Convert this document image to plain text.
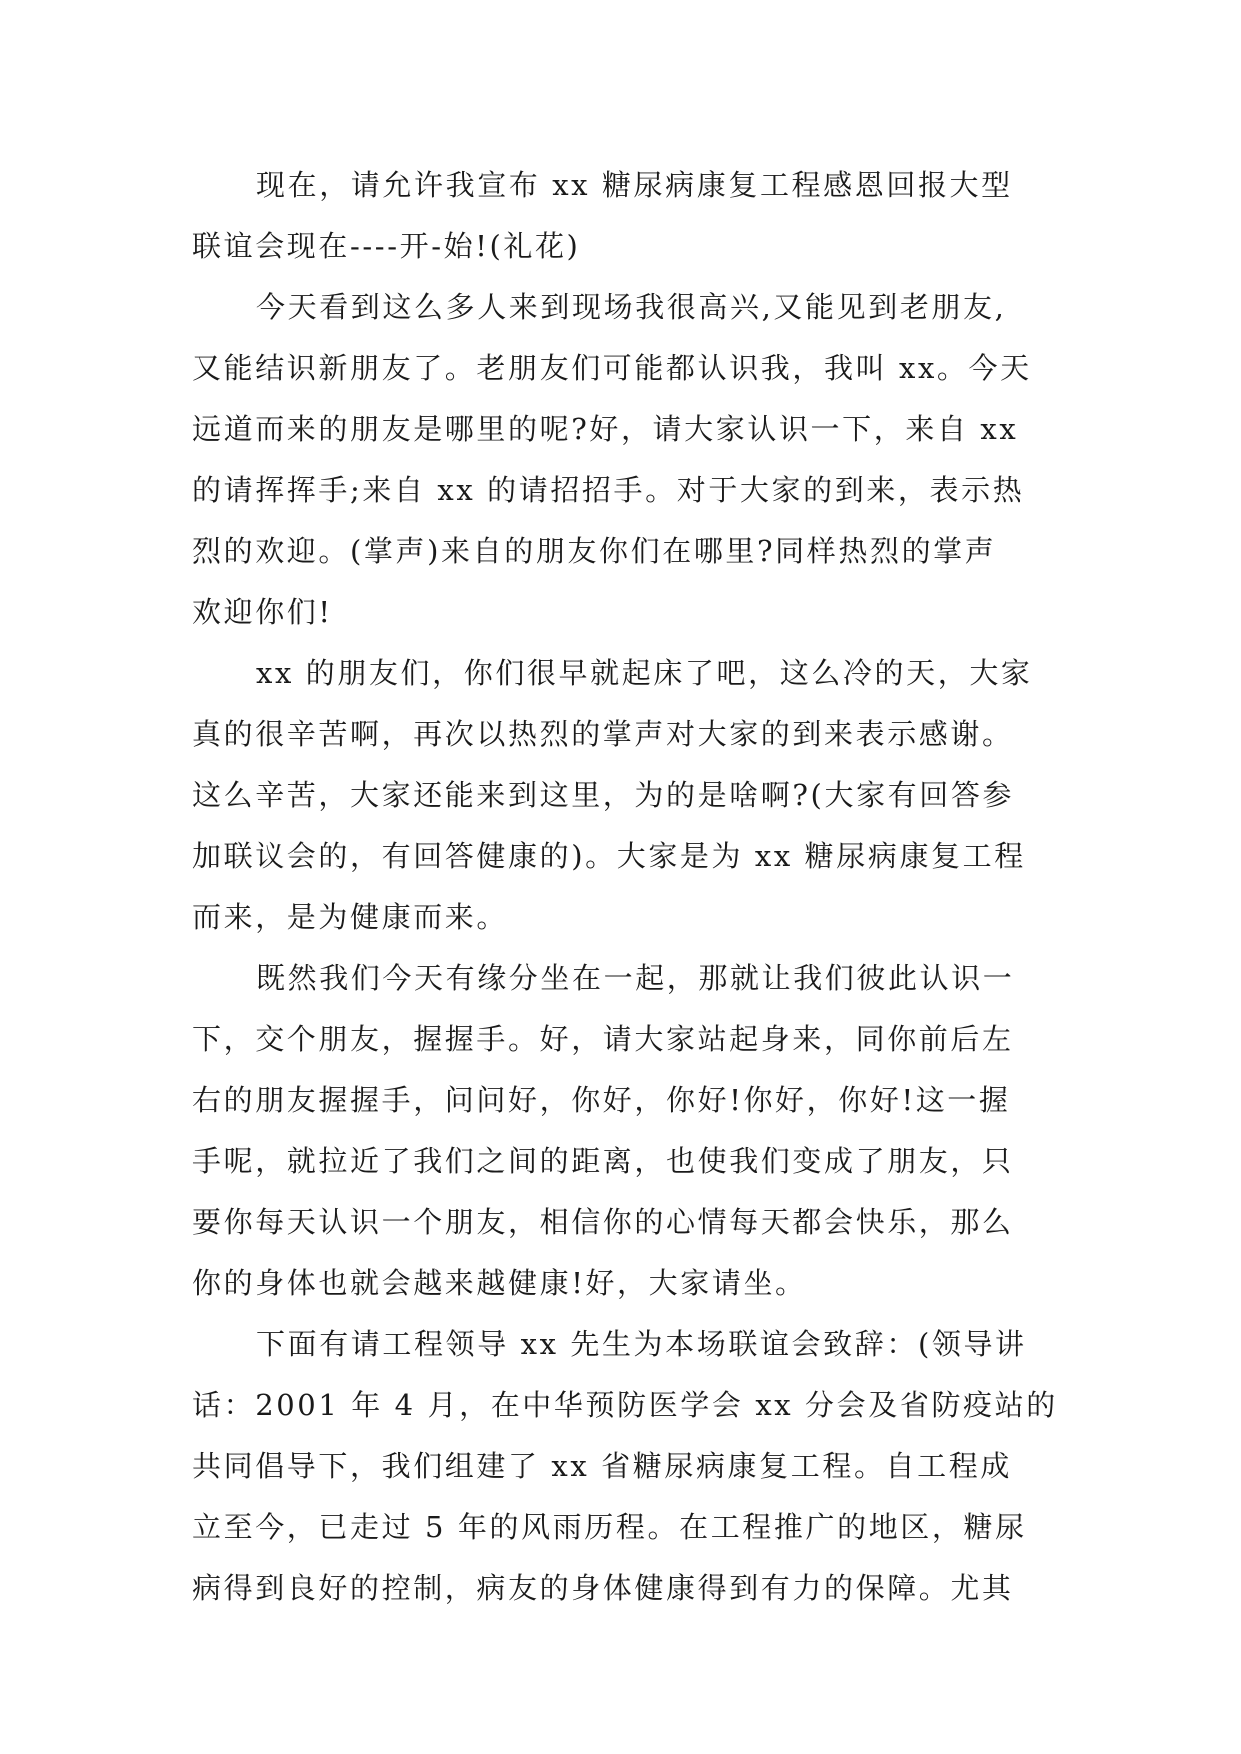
现在，请允许我宣布 xx 糖尿病康复工程感恩回报大型
联谊会现在----开-始!(礼花)
今天看到这么多人来到现场我很高兴,又能见到老朋友,
又能结识新朋友了。老朋友们可能都认识我，我叫 xx。今天
远道而来的朋友是哪里的呢?好，请大家认识一下，来自 xx
的请挥挥手;来自 xx 的请招招手。对于大家的到来，表示热
烈的欢迎。(掌声)来自的朋友你们在哪里?同样热烈的掌声
欢迎你们!
xx 的朋友们，你们很早就起床了吧，这么冷的天，大家
真的很辛苦啊，再次以热烈的掌声对大家的到来表示感谢。
这么辛苦，大家还能来到这里，为的是啥啊?(大家有回答参
加联议会的，有回答健康的)。大家是为 xx 糖尿病康复工程
而来，是为健康而来。
既然我们今天有缘分坐在一起，那就让我们彼此认识一
下，交个朋友，握握手。好，请大家站起身来，同你前后左
右的朋友握握手，问问好，你好，你好!你好，你好!这一握
手呢，就拉近了我们之间的距离，也使我们变成了朋友，只
要你每天认识一个朋友，相信你的心情每天都会快乐，那么
你的身体也就会越来越健康!好，大家请坐。
下面有请工程领导 xx 先生为本场联谊会致辞：(领导讲
话：2001 年 4 月，在中华预防医学会 xx 分会及省防疫站的
共同倡导下，我们组建了 xx 省糖尿病康复工程。自工程成
立至今，已走过 5 年的风雨历程。在工程推广的地区，糖尿
病得到良好的控制，病友的身体健康得到有力的保障。尤其
